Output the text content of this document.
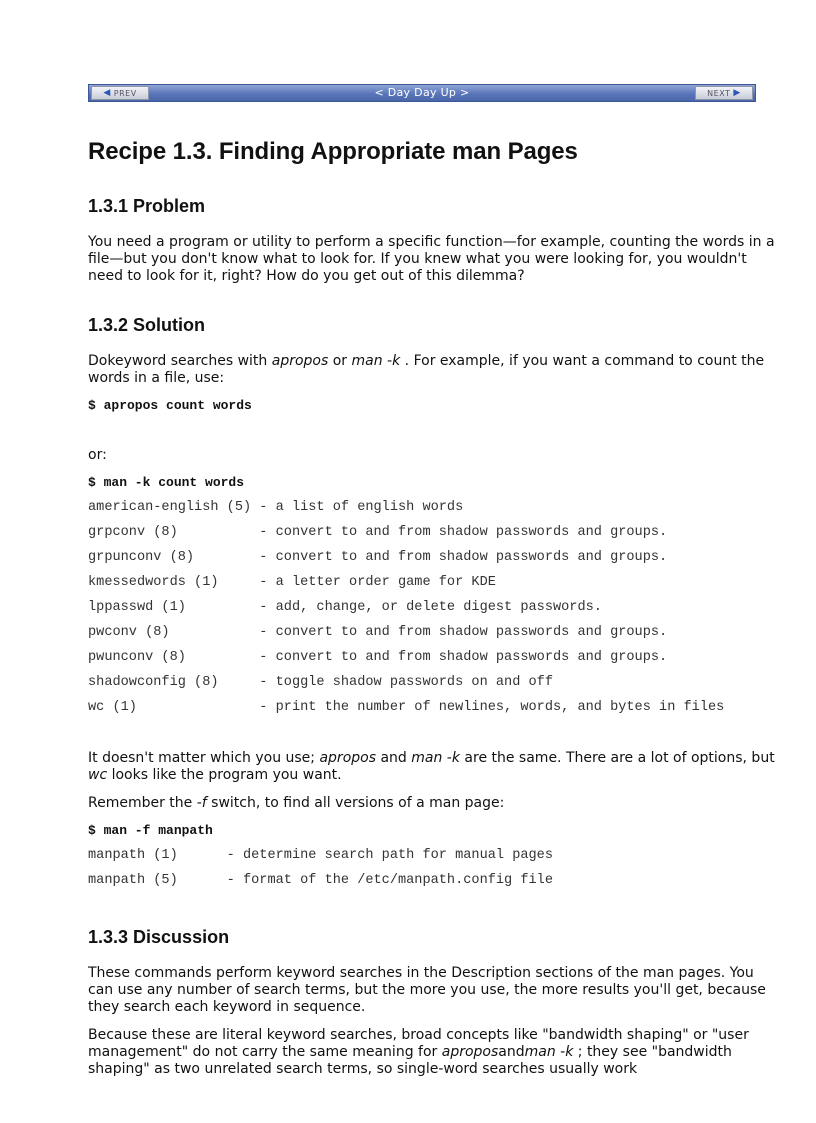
◀ PREV	< Day Day Up >	NEXT ▶
Recipe 1.3. Finding Appropriate man Pages
1.3.1 Problem

You need a program or utility to perform a specific function—for example, counting the words in a file—but you don't know what to look for. If you knew what you were looking for, you wouldn't need to look for it, right? How do you get out of this dilemma?

1.3.2 Solution

Dokeyword searches with apropos or man -k . For example, if you want a command to count the words in a file, use:

$ apropos count words

or:

$ man -k count words
american-english (5) - a list of english words
grpconv (8)          - convert to and from shadow passwords and groups.
grpunconv (8)        - convert to and from shadow passwords and groups.
kmessedwords (1)     - a letter order game for KDE
lppasswd (1)         - add, change, or delete digest passwords.
pwconv (8)           - convert to and from shadow passwords and groups.
pwunconv (8)         - convert to and from shadow passwords and groups.
shadowconfig (8)     - toggle shadow passwords on and off
wc (1)               - print the number of newlines, words, and bytes in files

It doesn't matter which you use; apropos and man -k are the same. There are a lot of options, but wc looks like the program you want.

Remember the -f switch, to find all versions of a man page:

$ man -f manpath
manpath (1)      - determine search path for manual pages
manpath (5)      - format of the /etc/manpath.config file
1.3.3 Discussion

These commands perform keyword searches in the Description sections of the man pages. You can use any number of search terms, but the more you use, the more results you'll get, because they search each keyword in sequence.

Because these are literal keyword searches, broad concepts like "bandwidth shaping" or "user management" do not carry the same meaning for aproposandman -k ; they see "bandwidth shaping" as two unrelated search terms, so single-word searches usually work
